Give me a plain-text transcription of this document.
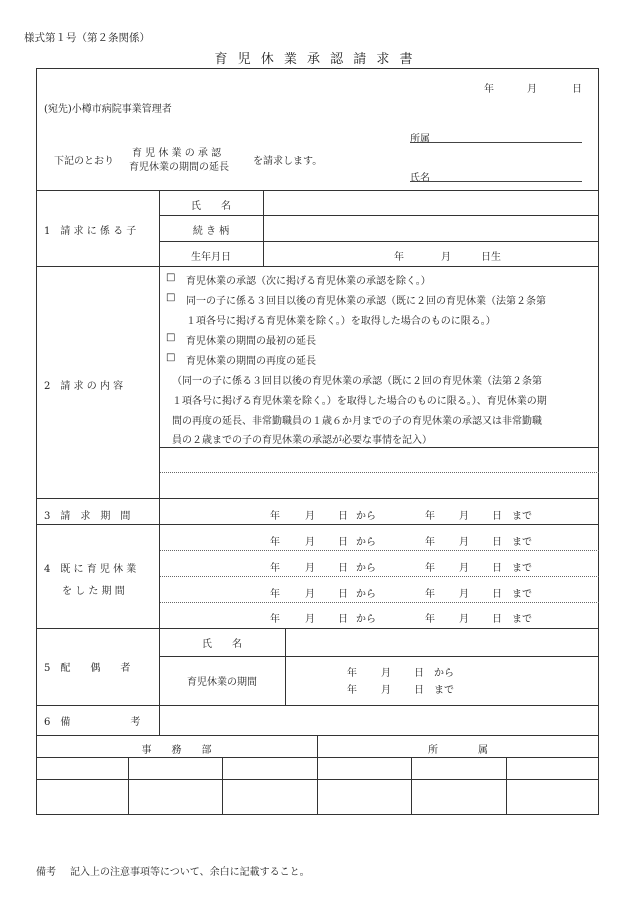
様式第１号（第２条関係）
育 児 休 業 承 認 請 求 書
年	月	日
(宛先)小樽市病院事業管理者
所属
下記のとおり
育 児 休 業 の 承 認
育児休業の期間の延長
を請求します。
氏名
1　請 求 に 係 る 子
氏　　名
続 き 柄
生年月日	年	月	日生
2　請 求 の 内 容
□ 育児休業の承認（次に掲げる育児休業の承認を除く。）
□ 同一の子に係る３回目以後の育児休業の承認（既に２回の育児休業（法第２条第
１項各号に掲げる育児休業を除く。）を取得した場合のものに限る。）
□ 育児休業の期間の最初の延長
□ 育児休業の期間の再度の延長
（同一の子に係る３回目以後の育児休業の承認（既に２回の育児休業（法第２条第
１項各号に掲げる育児休業を除く。）を取得した場合のものに限る。）、育児休業の期
間の再度の延長、非常勤職員の１歳６か月までの子の育児休業の承認又は非常勤職
員の２歳までの子の育児休業の承認が必要な事情を記入）
3　請　求　期　間	年	月 日 から	年 月 日 まで
4　既 に 育 児 休 業
を し た 期 間
年	月 日 から	年 月 日 まで
年	月 日 から	年 月 日 まで
年	月 日 から	年 月 日 まで
年	月 日 から	年 月 日 まで
5　配　　偶　　者
氏　　名
育児休業の期間
年 月 日 から
年 月 日 まで
6　備　　　　　　考
事　　務　　部	所　　　　属
備考 記入上の注意事項等について、余白に記載すること。
